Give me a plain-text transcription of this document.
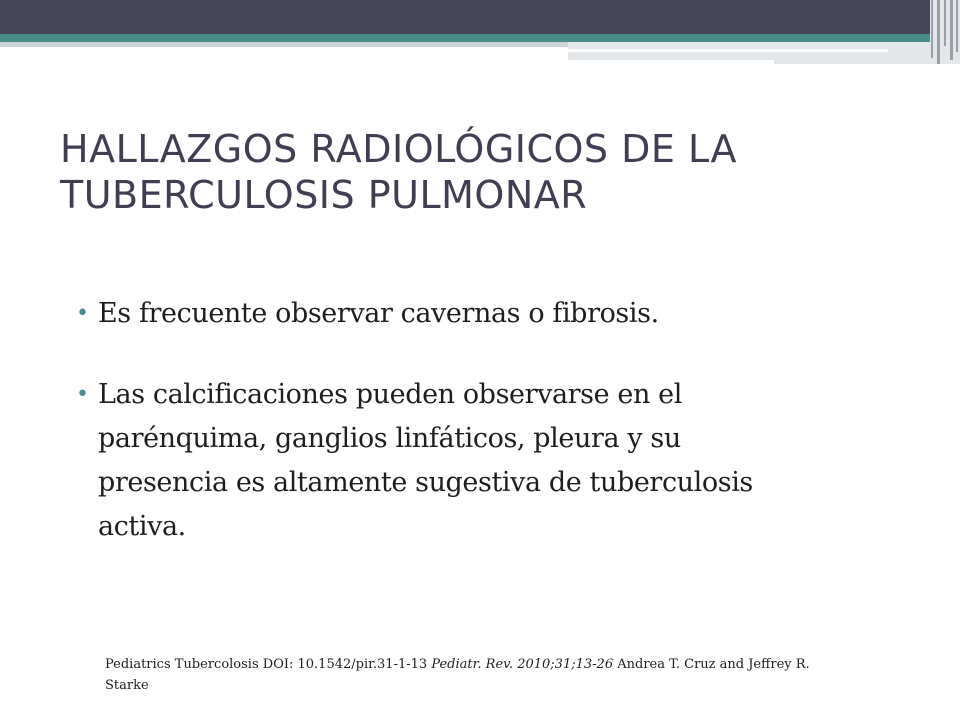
HALLAZGOS RADIOLÓGICOS DE LA
TUBERCULOSIS PULMONAR
• Es frecuente observar cavernas o fibrosis.
• Las calcificaciones pueden observarse en el
parénquima, ganglios linfáticos, pleura y su
presencia es altamente sugestiva de tuberculosis
activa.

Pediatrics Tubercolosis DOI: 10.1542/pir.31-1-13 Pediatr. Rev. 2010;31;13-26 Andrea T. Cruz and Jeffrey R.
Starke
